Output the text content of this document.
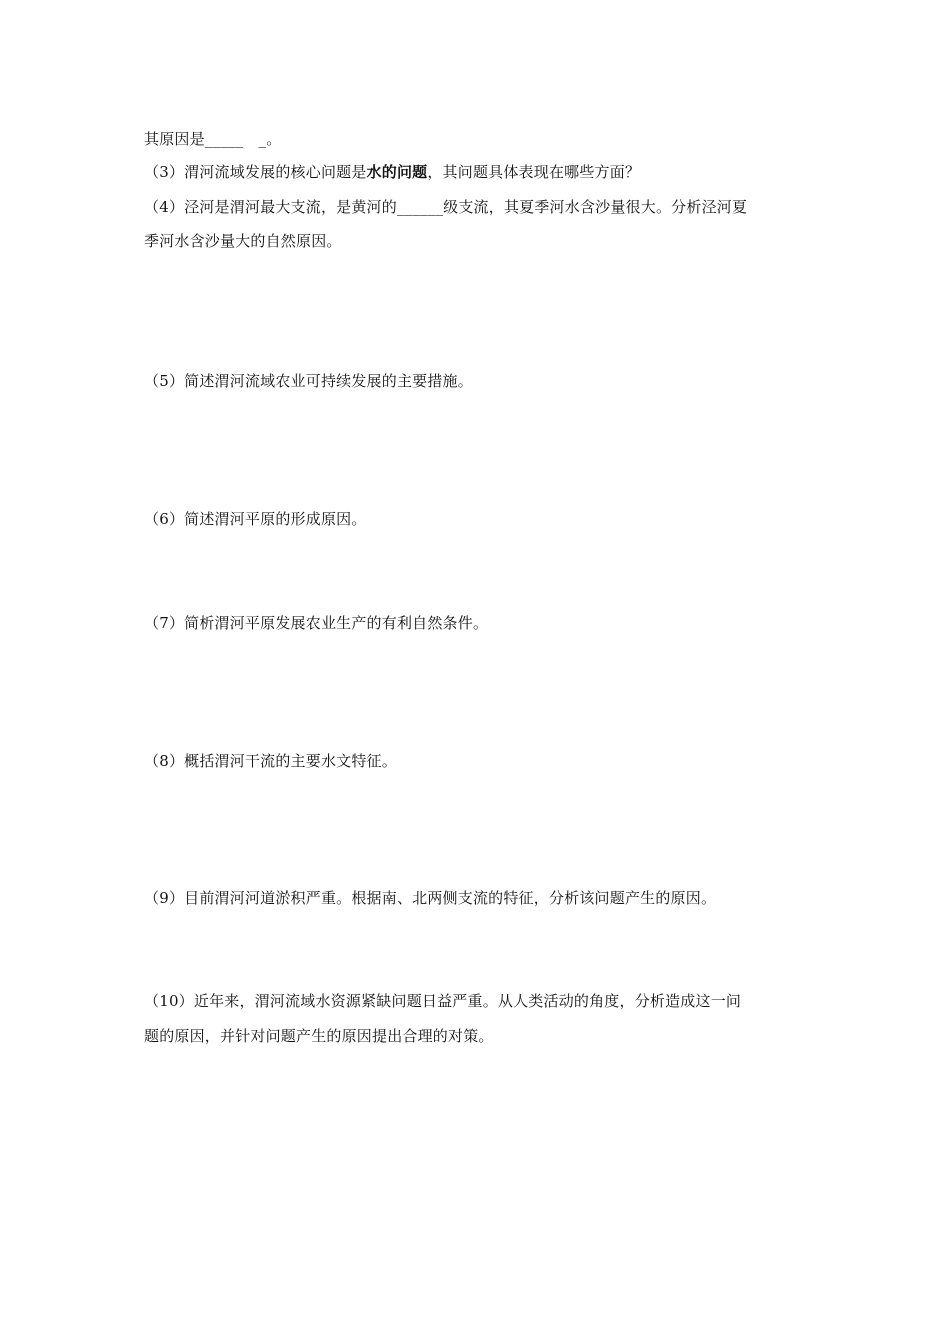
其原因是_____　_。
（3）渭河流域发展的核心问题是水的问题，其问题具体表现在哪些方面？
（4）泾河是渭河最大支流，是黄河的______级支流，其夏季河水含沙量很大。分析泾河夏
季河水含沙量大的自然原因。
（5）简述渭河流域农业可持续发展的主要措施。
（6）简述渭河平原的形成原因。
（7）简析渭河平原发展农业生产的有利自然条件。
（8）概括渭河干流的主要水文特征。
（9）目前渭河河道淤积严重。根据南、北两侧支流的特征，分析该问题产生的原因。
（10）近年来，渭河流域水资源紧缺问题日益严重。从人类活动的角度，分析造成这一问
题的原因，并针对问题产生的原因提出合理的对策。
